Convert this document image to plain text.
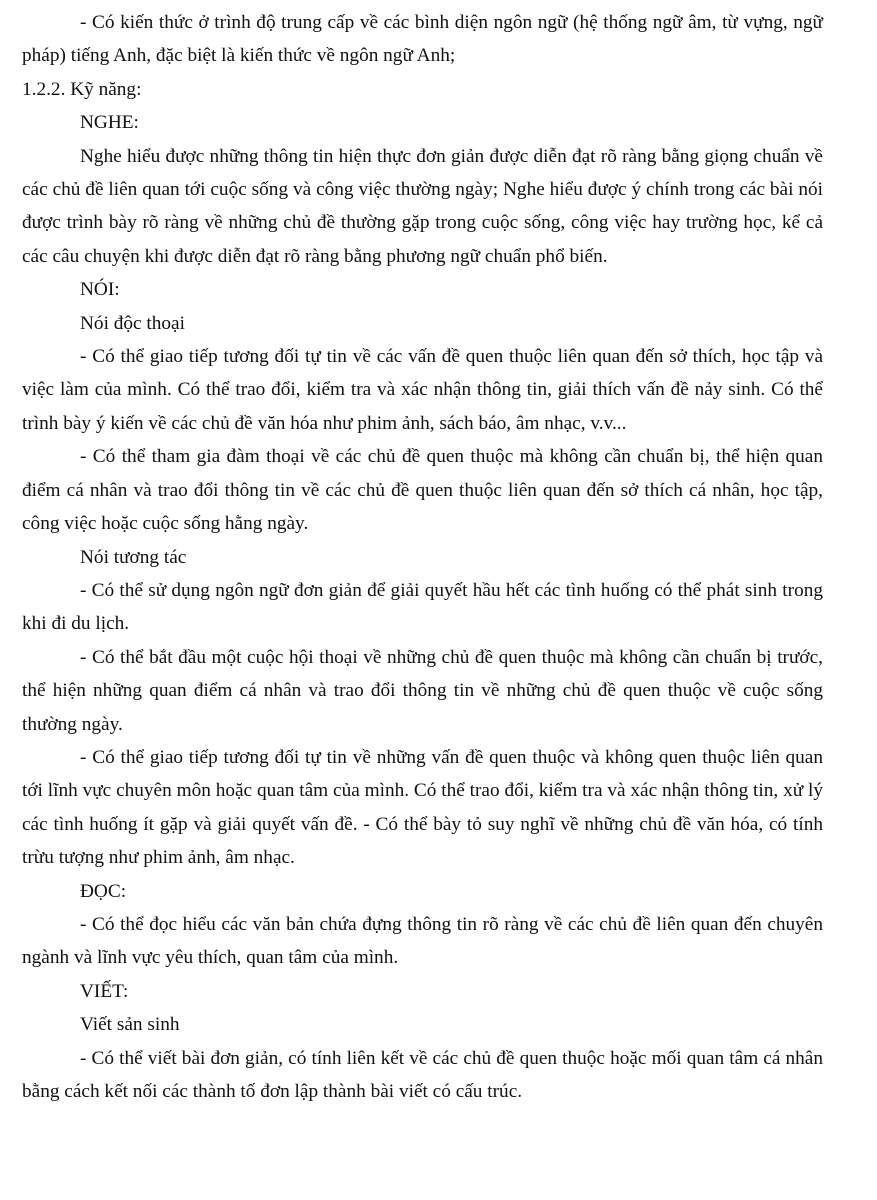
- Có kiến thức ở trình độ trung cấp về các bình diện ngôn ngữ (hệ thống ngữ âm, từ vựng, ngữ pháp) tiếng Anh, đặc biệt là kiến thức về ngôn ngữ Anh;

1.2.2. Kỹ năng:

NGHE:

Nghe hiểu được những thông tin hiện thực đơn giản được diễn đạt rõ ràng bằng giọng chuẩn về các chủ đề liên quan tới cuộc sống và công việc thường ngày; Nghe hiểu được ý chính trong các bài nói được trình bày rõ ràng về những chủ đề thường gặp trong cuộc sống, công việc hay trường học, kể cả các câu chuyện khi được diễn đạt rõ ràng bằng phương ngữ chuẩn phổ biến.

NÓI:

Nói độc thoại

- Có thể giao tiếp tương đối tự tin về các vấn đề quen thuộc liên quan đến sở thích, học tập và việc làm của mình. Có thể trao đổi, kiểm tra và xác nhận thông tin, giải thích vấn đề nảy sinh. Có thể trình bày ý kiến về các chủ đề văn hóa như phim ảnh, sách báo, âm nhạc, v.v...

- Có thể tham gia đàm thoại về các chủ đề quen thuộc mà không cần chuẩn bị, thể hiện quan điểm cá nhân và trao đổi thông tin về các chủ đề quen thuộc liên quan đến sở thích cá nhân, học tập, công việc hoặc cuộc sống hằng ngày.

Nói tương tác

- Có thể sử dụng ngôn ngữ đơn giản để giải quyết hầu hết các tình huống có thể phát sinh trong khi đi du lịch.

- Có thể bắt đầu một cuộc hội thoại về những chủ đề quen thuộc mà không cần chuẩn bị trước, thể hiện những quan điểm cá nhân và trao đổi thông tin về những chủ đề quen thuộc về cuộc sống thường ngày.

- Có thể giao tiếp tương đối tự tin về những vấn đề quen thuộc và không quen thuộc liên quan tới lĩnh vực chuyên môn hoặc quan tâm của mình. Có thể trao đổi, kiểm tra và xác nhận thông tin, xử lý các tình huống ít gặp và giải quyết vấn đề. - Có thể bày tỏ suy nghĩ về những chủ đề văn hóa, có tính trừu tượng như phim ảnh, âm nhạc.

ĐỌC:

- Có thể đọc hiểu các văn bản chứa đựng thông tin rõ ràng về các chủ đề liên quan đến chuyên ngành và lĩnh vực yêu thích, quan tâm của mình.

VIẾT:

Viết sản sinh

- Có thể viết bài đơn giản, có tính liên kết về các chủ đề quen thuộc hoặc mối quan tâm cá nhân bằng cách kết nối các thành tố đơn lập thành bài viết có cấu trúc.
